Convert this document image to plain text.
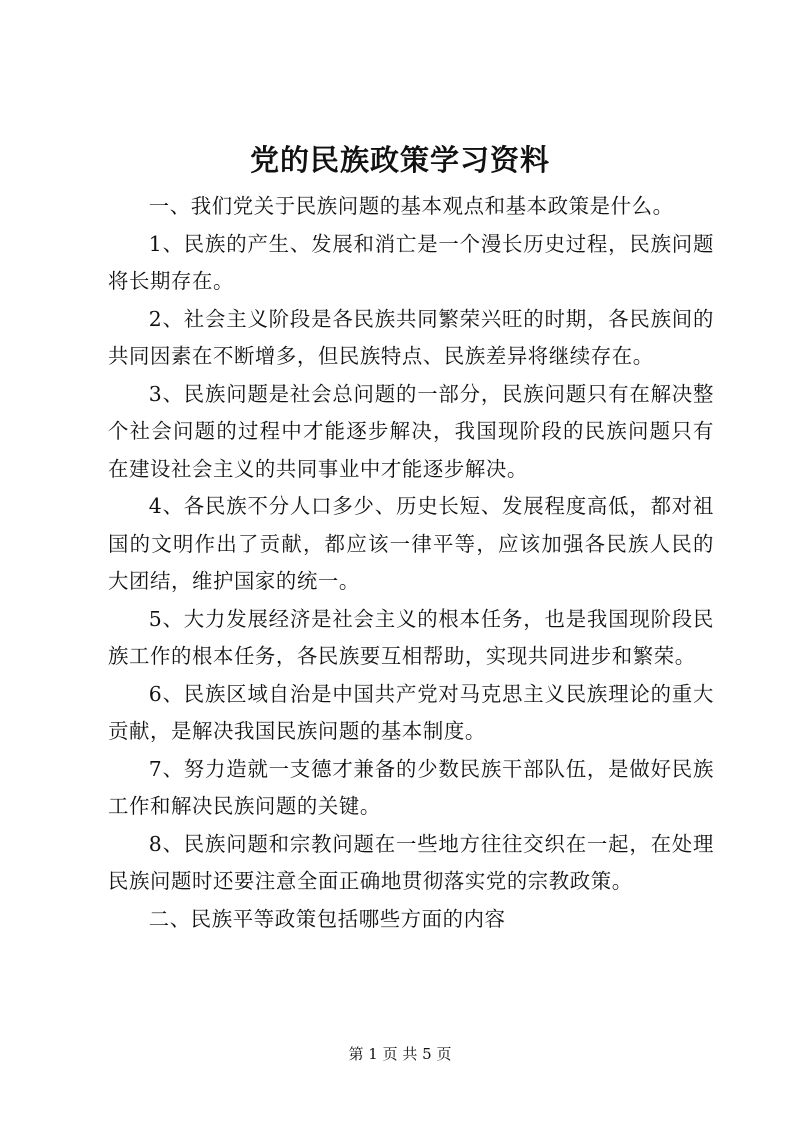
党的民族政策学习资料

一、我们党关于民族问题的基本观点和基本政策是什么。

1、民族的产生、发展和消亡是一个漫长历史过程，民族问题将长期存在。

2、社会主义阶段是各民族共同繁荣兴旺的时期，各民族间的共同因素在不断增多，但民族特点、民族差异将继续存在。

3、民族问题是社会总问题的一部分，民族问题只有在解决整个社会问题的过程中才能逐步解决，我国现阶段的民族问题只有在建设社会主义的共同事业中才能逐步解决。

4、各民族不分人口多少、历史长短、发展程度高低，都对祖国的文明作出了贡献，都应该一律平等，应该加强各民族人民的大团结，维护国家的统一。

5、大力发展经济是社会主义的根本任务，也是我国现阶段民族工作的根本任务，各民族要互相帮助，实现共同进步和繁荣。

6、民族区域自治是中国共产党对马克思主义民族理论的重大贡献，是解决我国民族问题的基本制度。

7、努力造就一支德才兼备的少数民族干部队伍，是做好民族工作和解决民族问题的关键。

8、民族问题和宗教问题在一些地方往往交织在一起，在处理民族问题时还要注意全面正确地贯彻落实党的宗教政策。

二、民族平等政策包括哪些方面的内容

第 1 页 共 5 页
